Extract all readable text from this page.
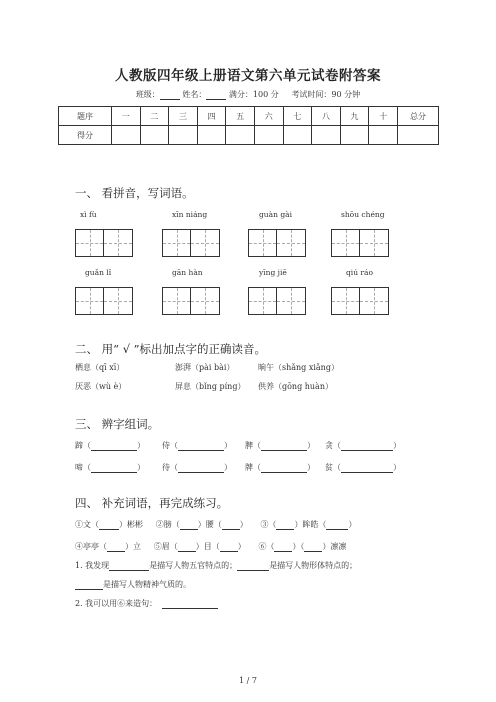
人教版四年级上册语文第六单元试卷附答案
班级：	姓名：	满分：100 分 考试时间：90 分钟
题序	一	二	三	四	五	六	七	八	九	十	总分
得分											
一、 看拼音，写词语。
xì fù	xīn niáng	guàn gài	shōu chéng
guǎn lǐ	gān hàn	yīng jiē	qiú ráo
二、 用“ √ ”标出加点字的正确读音。
栖息（qī xī）	澎湃（pài bài）	晌午（shǎng xiǎng）
厌恶（wù è）	屏息（bǐng píng） 供养（gōng huàn）
三、 辨字组词。
蹄（	） 侍（	） 脾（	） 贪（	）
啼（	） 待（	） 牌（	） 贫（	）
四、 补充词语，再完成练习。
①文（	）彬彬 ②膀（ ）腰（ ） ③（ ）眸皓（	）
④亭亭（ ）立 ⑤眉（ ）目（ ） ⑥（ ）（ ）凛凛
1. 我发现	是描写人物五官特点的；	是描写人物形体特点的；
是描写人物精神气质的。
2. 我可以用⑥来造句：
1 / 7
